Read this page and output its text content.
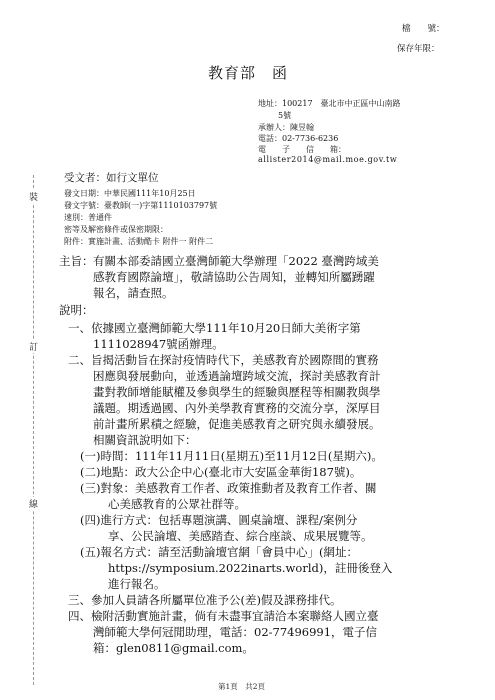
檔　　號：
保存年限：
教育部　函
地址：100217　臺北市中正區中山南路
5號
承辦人：陳昱翰
電話：02-7736-6236
電　　子　　信　　箱：
allister2014@mail.moe.gov.tw
受文者：如行文單位
發文日期：中華民國111年10月25日
發文字號：臺教師(一)字第1110103797號
速別：普通件
密等及解密條件或保密期限：
附件：實施計畫、活動酷卡 附件一 附件二
裝
訂
線
主旨： 有關本部委請國立臺灣師範大學辦理「2022 臺灣跨域美
感教育國際論壇」，敬請協助公告周知，並轉知所屬踴躍
報名，請查照。
說明：
一、依據國立臺灣師範大學111年10月20日師大美術字第
1111028947號函辦理。
二、旨揭活動旨在探討疫情時代下，美感教育於國際間的實務
困應與發展動向，並透過論壇跨域交流，探討美感教育計
畫對教師增能賦權及參與學生的經驗與歷程等相關教與學
議題。期透過國、內外美學教育實務的交流分享，深厚目
前計畫所累積之經驗，促進美感教育之研究與永續發展。
相關資訊說明如下：
(一)時間：111年11月11日(星期五)至11月12日(星期六)。
(二)地點：政大公企中心(臺北市大安區金華街187號)。
(三)對象：美感教育工作者、政策推動者及教育工作者、關
心美感教育的公眾社群等。
(四)進行方式：包括專題演講、圓桌論壇、課程/案例分
享、公民論壇、美感踏查、綜合座談、成果展覽等。
(五)報名方式：請至活動論壇官網「會員中心」(網址：
https://symposium.2022inarts.world)，註冊後登入
進行報名。
三、參加人員請各所屬單位准予公(差)假及課務排代。
四、檢附活動實施計畫，倘有未盡事宜請洽本案聯絡人國立臺
灣師範大學何冠閒助理，電話：02-77496991，電子信
箱：glen0811@gmail.com。
第1頁　共2頁
